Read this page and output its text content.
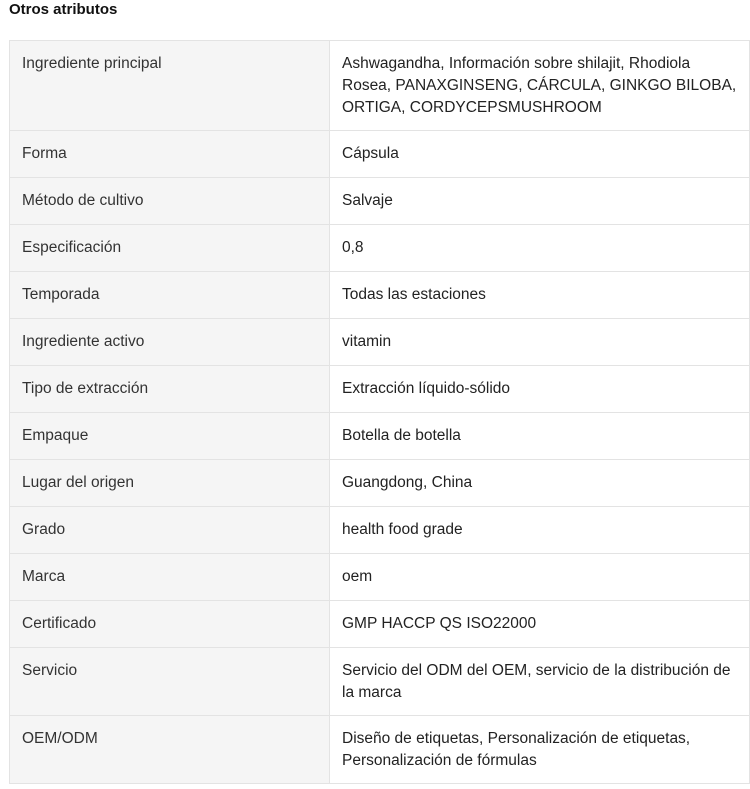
Otros atributos
Ingrediente principal	Ashwagandha, Información sobre shilajit, Rhodiola Rosea, PANAXGINSENG, CÁRCULA, GINKGO BILOBA, ORTIGA, CORDYCEPSMUSHROOM
Forma	Cápsula
Método de cultivo	Salvaje
Especificación	0,8
Temporada	Todas las estaciones
Ingrediente activo	vitamin
Tipo de extracción	Extracción líquido-sólido
Empaque	Botella de botella
Lugar del origen	Guangdong, China
Grado	health food grade
Marca	oem
Certificado	GMP HACCP QS ISO22000
Servicio	Servicio del ODM del OEM, servicio de la distribución de la marca
OEM/ODM	Diseño de etiquetas, Personalización de etiquetas, Personalización de fórmulas
